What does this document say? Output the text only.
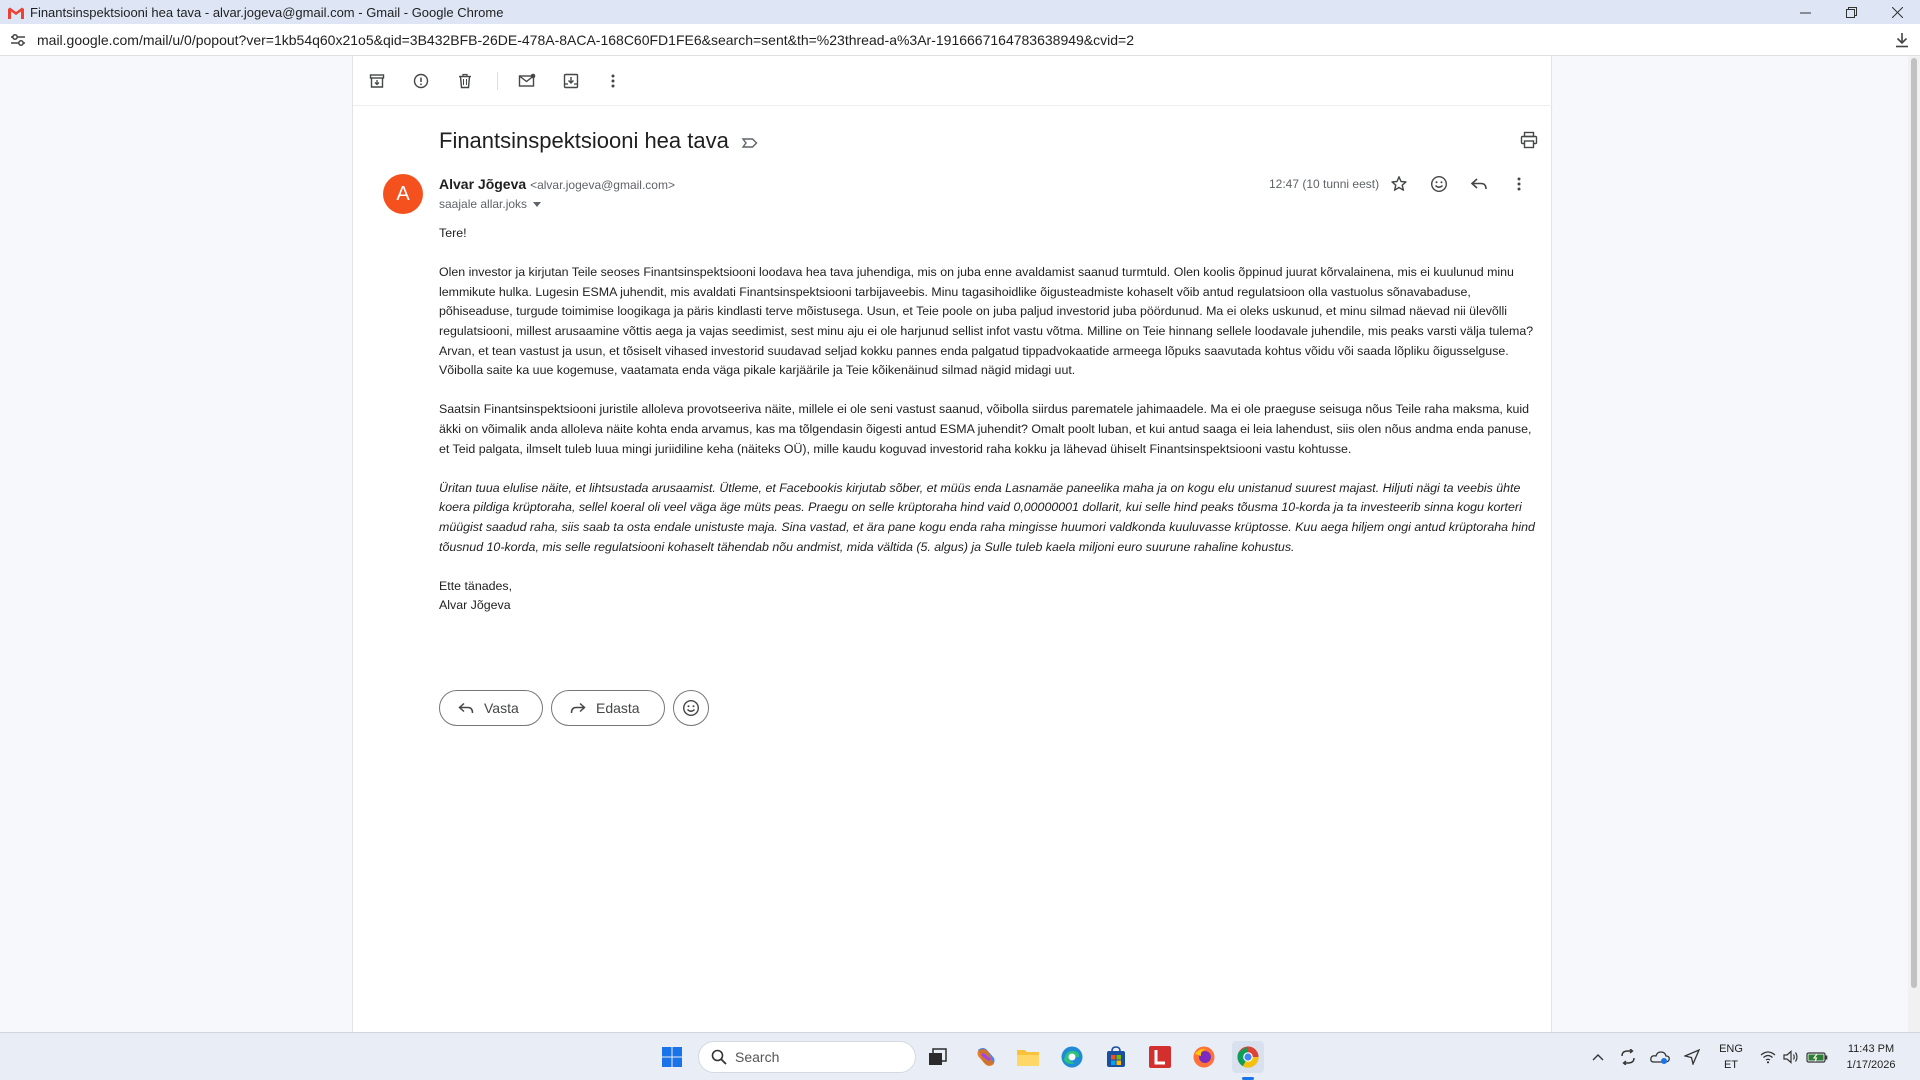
Finantsinspektsiooni hea tava - alvar.jogeva@gmail.com - Gmail - Google Chrome
mail.google.com/mail/u/0/popout?ver=1kb54q60x21o5&qid=3B432BFB-26DE-478A-8ACA-168C60FD1FE6&search=sent&th=%23thread-a%3Ar-1916667164783638949&cvid=2
Finantsinspektsiooni hea tava
A	Alvar Jõgeva <alvar.jogeva@gmail.com>
saajale allar.joks
12:47 (10 tunni eest)

Tere!

Olen investor ja kirjutan Teile seoses Finantsinspektsiooni loodava hea tava juhendiga, mis on juba enne avaldamist saanud turmtuld. Olen koolis õppinud juurat kõrvalainena, mis ei kuulunud minu lemmikute hulka. Lugesin ESMA juhendit, mis avaldati Finantsinspektsiooni tarbijaveebis. Minu tagasihoidlike õigusteadmiste kohaselt võib antud regulatsioon olla vastuolus sõnavabaduse, põhiseaduse, turgude toimimise loogikaga ja päris kindlasti terve mõistusega. Usun, et Teie poole on juba paljud investorid juba pöördunud. Ma ei oleks uskunud, et minu silmad näevad nii ülevõlli regulatsiooni, millest arusaamine võttis aega ja vajas seedimist, sest minu aju ei ole harjunud sellist infot vastu võtma. Milline on Teie hinnang sellele loodavale juhendile, mis peaks varsti välja tulema? Arvan, et tean vastust ja usun, et tõsiselt vihased investorid suudavad seljad kokku pannes enda palgatud tippadvokaatide armeega lõpuks saavutada kohtus võidu või saada lõpliku õigusselguse. Võibolla saite ka uue kogemuse, vaatamata enda väga pikale karjäärile ja Teie kõikenäinud silmad nägid midagi uut.

Saatsin Finantsinspektsiooni juristile alloleva provotseeriva näite, millele ei ole seni vastust saanud, võibolla siirdus parematele jahimaadele. Ma ei ole praeguse seisuga nõus Teile raha maksma, kuid äkki on võimalik anda alloleva näite kohta enda arvamus, kas ma tõlgendasin õigesti antud ESMA juhendit? Omalt poolt luban, et kui antud saaga ei leia lahendust, siis olen nõus andma enda panuse, et Teid palgata, ilmselt tuleb luua mingi juriidiline keha (näiteks OÜ), mille kaudu koguvad investorid raha kokku ja lähevad ühiselt Finantsinspektsiooni vastu kohtusse.

Üritan tuua elulise näite, et lihtsustada arusaamist. Ütleme, et Facebookis kirjutab sõber, et müüs enda Lasnamäe paneelika maha ja on kogu elu unistanud suurest majast. Hiljuti nägi ta veebis ühte koera pildiga krüptoraha, sellel koeral oli veel väga äge müts peas. Praegu on selle krüptoraha hind vaid 0,00000001 dollarit, kui selle hind peaks tõusma 10-korda ja ta investeerib sinna kogu korteri müügist saadud raha, siis saab ta osta endale unistuste maja. Sina vastad, et ära pane kogu enda raha mingisse huumori valdkonda kuuluvasse krüptosse. Kuu aega hiljem ongi antud krüptoraha hind tõusnud 10-korda, mis selle regulatsiooni kohaselt tähendab nõu andmist, mida vältida (5. algus) ja Sulle tuleb kaela miljoni euro suurune rahaline kohustus.

Ette tänades,
Alvar Jõgeva
Vasta	Edasta
Search	ENG
ET
11:43 PM
1/17/2026
